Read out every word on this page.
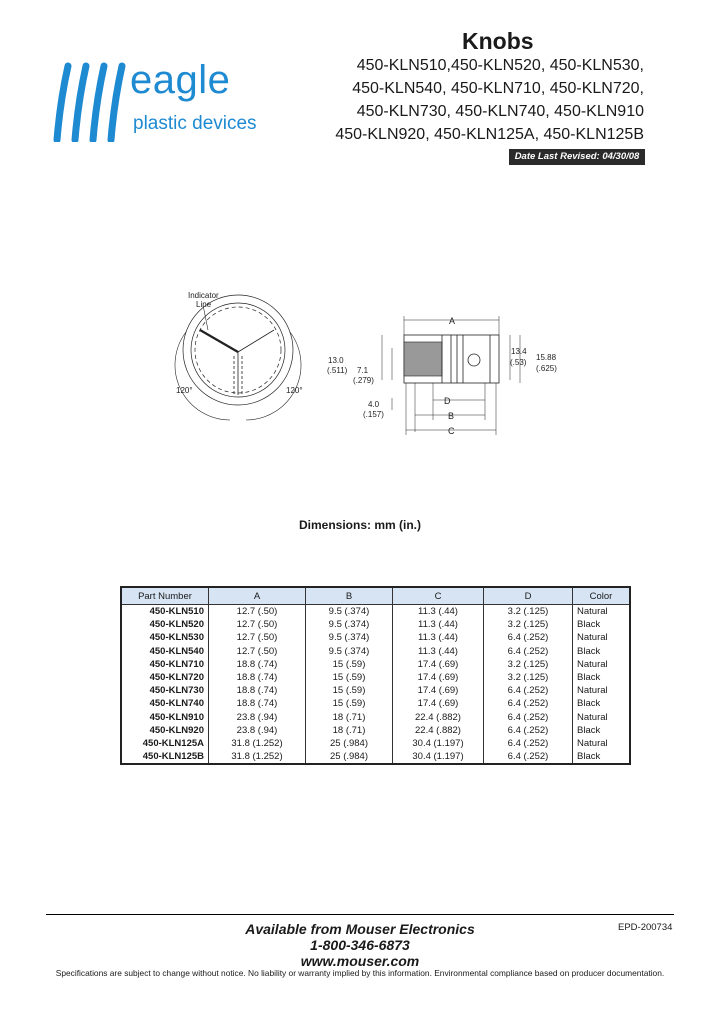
eagle
plastic devices
Knobs
450-KLN510,450-KLN520, 450-KLN530,
450-KLN540, 450-KLN710, 450-KLN720,
450-KLN730, 450-KLN740, 450-KLN910
450-KLN920, 450-KLN125A, 450-KLN125B
Date Last Revised: 04/30/08
Indicator
Line
120°	120°
A
D
B
C
13.0
(.511) 7.1
(.279)
4.0
(.157)
13.4
(.53)
15.88
(.625)
Dimensions: mm (in.)
Part Number	A	B	C	D	Color
450-KLN510	12.7 (.50)	9.5 (.374)	11.3 (.44)	3.2 (.125)	Natural
450-KLN520	12.7 (.50)	9.5 (.374)	11.3 (.44)	3.2 (.125)	Black
450-KLN530	12.7 (.50)	9.5 (.374)	11.3 (.44)	6.4 (.252)	Natural
450-KLN540	12.7 (.50)	9.5 (.374)	11.3 (.44)	6.4 (.252)	Black
450-KLN710	18.8 (.74)	15 (.59)	17.4 (.69)	3.2 (.125)	Natural
450-KLN720	18.8 (.74)	15 (.59)	17.4 (.69)	3.2 (.125)	Black
450-KLN730	18.8 (.74)	15 (.59)	17.4 (.69)	6.4 (.252)	Natural
450-KLN740	18.8 (.74)	15 (.59)	17.4 (.69)	6.4 (.252)	Black
450-KLN910	23.8 (.94)	18 (.71)	22.4 (.882)	6.4 (.252)	Natural
450-KLN920	23.8 (.94)	18 (.71)	22.4 (.882)	6.4 (.252)	Black
450-KLN125A	31.8 (1.252)	25 (.984)	30.4 (1.197)	6.4 (.252)	Natural
450-KLN125B	31.8 (1.252)	25 (.984)	30.4 (1.197)	6.4 (.252)	Black
Available from Mouser Electronics
1-800-346-6873
www.mouser.com
EPD-200734
Specifications are subject to change without notice. No liability or warranty implied by this information. Environmental compliance based on producer documentation.
